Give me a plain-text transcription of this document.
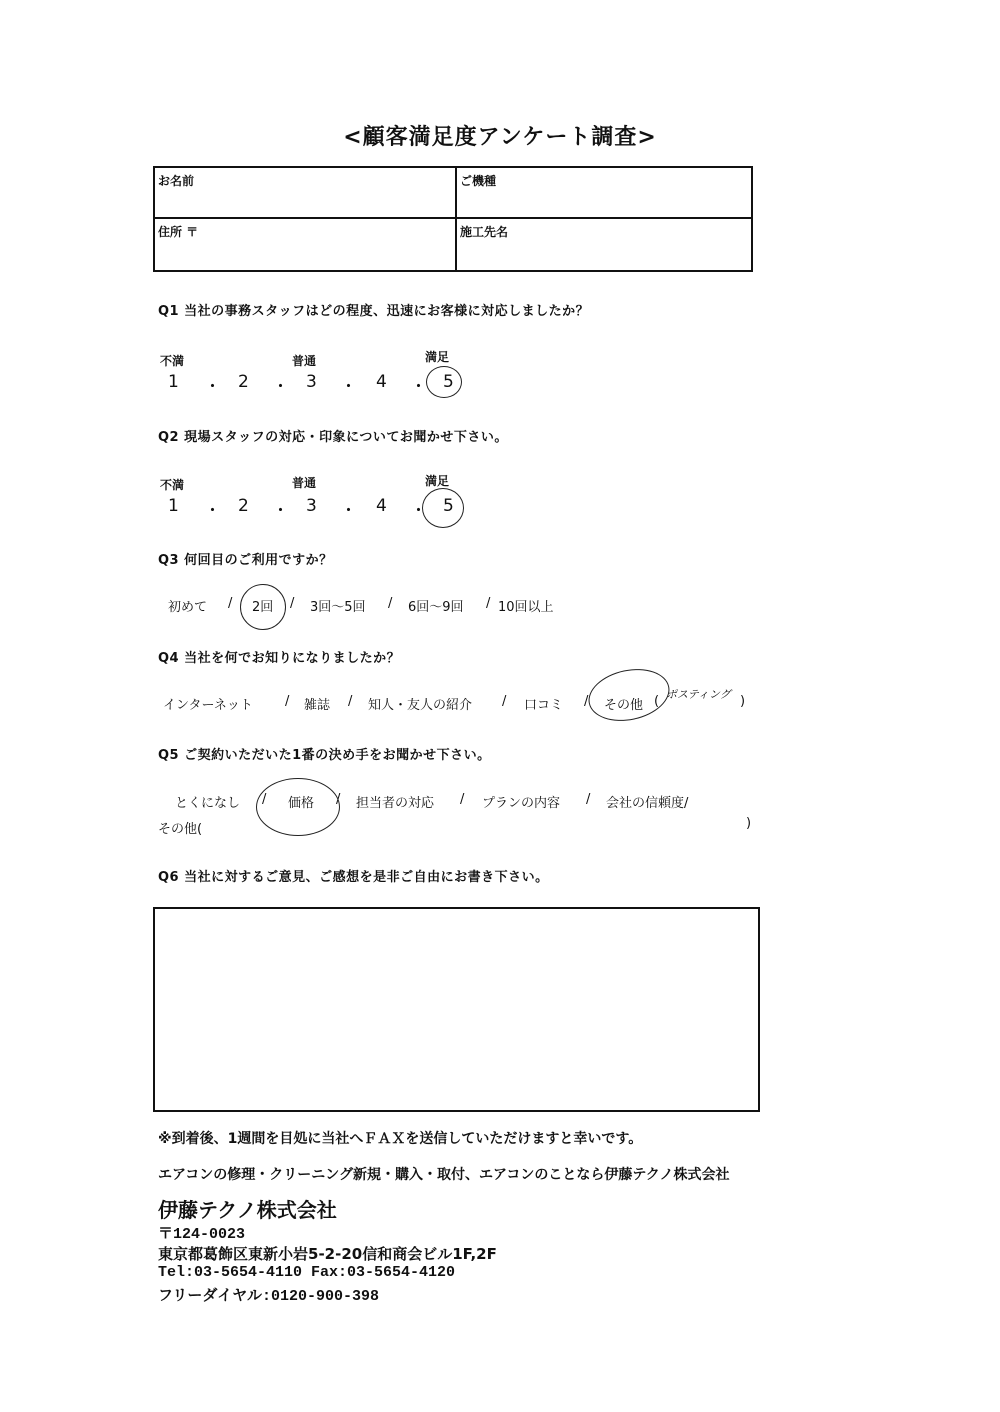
<顧客満足度アンケート調査>
お名前	ご機種
住所 〒	施工先名
Q1 当社の事務スタッフはどの程度、迅速にお客様に対応しましたか？
不満	普通	満足
1 ・ 2 ・ 3 ・ 4 ・ 5
Q2 現場スタッフの対応・印象についてお聞かせ下さい。
不満	普通	満足
1 ・ 2 ・ 3 ・ 4 ・ 5
Q3 何回目のご利用ですか？
初めて / 2回 / 3回～5回 / 6回～9回 / 10回以上
Q4 当社を何でお知りになりましたか？
インターネット / 雑誌 / 知人・友人の紹介 / 口コミ / その他 ( ポスティング )
Q5 ご契約いただいた1番の決め手をお聞かせ下さい。
とくになし / 価格 / 担当者の対応 / プランの内容 / 会社の信頼度/
その他(	)
Q6 当社に対するご意見、ご感想を是非ご自由にお書き下さい。
※到着後、1週間を目処に当社へＦＡＸを送信していただけますと幸いです。
エアコンの修理・クリーニング新規・購入・取付、エアコンのことなら伊藤テクノ株式会社
伊藤テクノ株式会社
〒124-0023
東京都葛飾区東新小岩5-2-20信和商会ビル1F,2F
Tel:03-5654-4110 Fax:03-5654-4120
フリーダイヤル:0120-900-398
